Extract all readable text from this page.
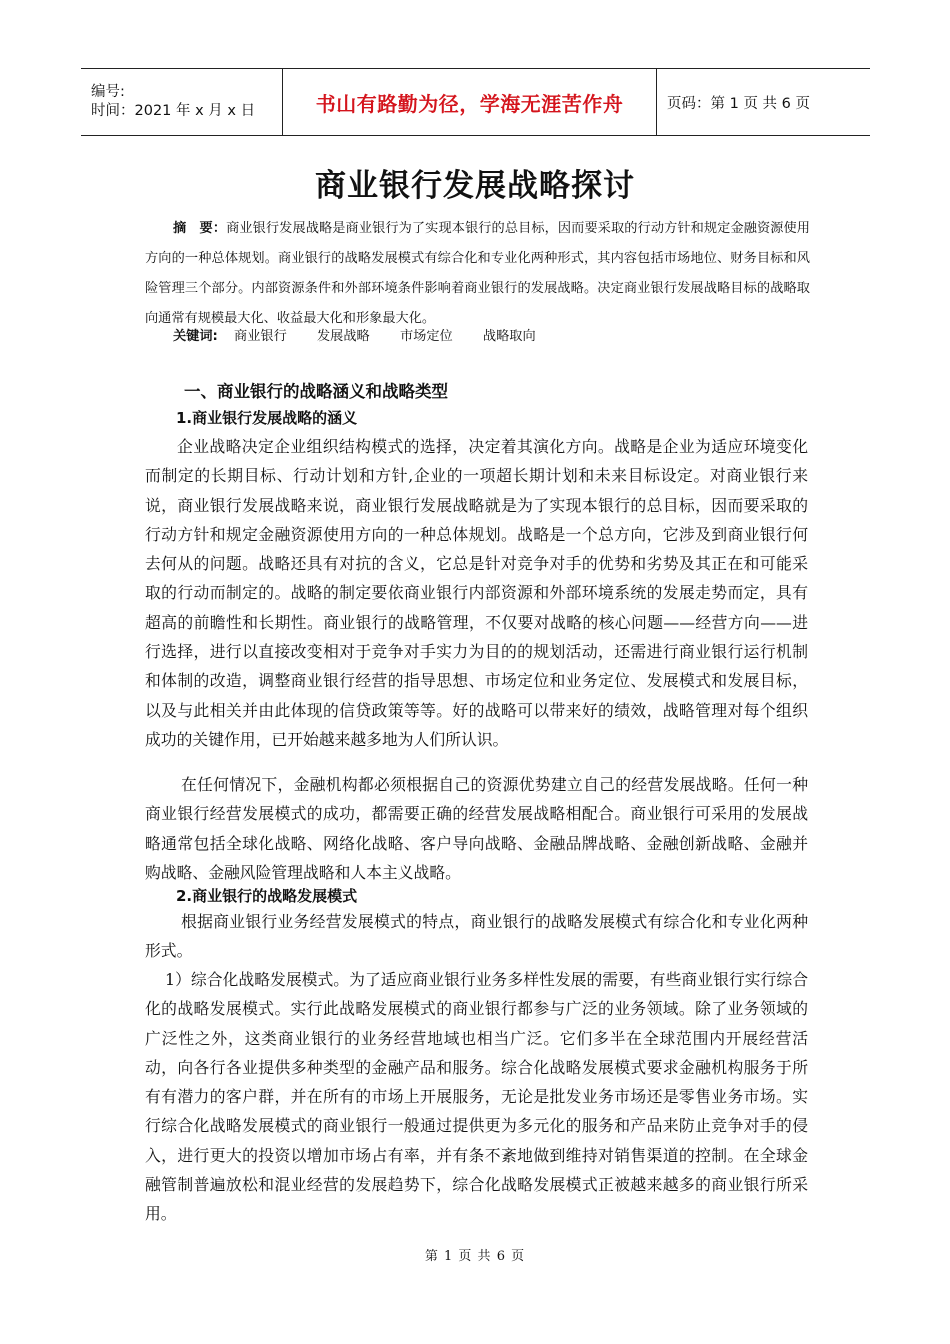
编号:
时间：2021 年 x 月 x 日	书山有路勤为径，学海无涯苦作舟	页码：第 1 页 共 6 页
商业银行发展战略探讨
摘　要：商业银行发展战略是商业银行为了实现本银行的总目标，因而要采取的行动方针和规定金融资源使用方向的一种总体规划。商业银行的战略发展模式有综合化和专业化两种形式，其内容包括市场地位、财务目标和风险管理三个部分。内部资源条件和外部环境条件影响着商业银行的发展战略。决定商业银行发展战略目标的战略取向通常有规模最大化、收益最大化和形象最大化。
关键词: 商业银行 发展战略 市场定位 战略取向
一、商业银行的战略涵义和战略类型
1.商业银行发展战略的涵义
企业战略决定企业组织结构模式的选择，决定着其演化方向。战略是企业为适应环境变化而制定的长期目标、行动计划和方针,企业的一项超长期计划和未来目标设定。对商业银行来说，商业银行发展战略来说，商业银行发展战略就是为了实现本银行的总目标，因而要采取的行动方针和规定金融资源使用方向的一种总体规划。战略是一个总方向，它涉及到商业银行何去何从的问题。战略还具有对抗的含义，它总是针对竞争对手的优势和劣势及其正在和可能采取的行动而制定的。战略的制定要依商业银行内部资源和外部环境系统的发展走势而定，具有超高的前瞻性和长期性。商业银行的战略管理，不仅要对战略的核心问题——经营方向——进行选择，进行以直接改变相对于竞争对手实力为目的的规划活动，还需进行商业银行运行机制和体制的改造，调整商业银行经营的指导思想、市场定位和业务定位、发展模式和发展目标，以及与此相关并由此体现的信贷政策等等。好的战略可以带来好的绩效，战略管理对每个组织成功的关键作用，已开始越来越多地为人们所认识。
在任何情况下，金融机构都必须根据自己的资源优势建立自己的经营发展战略。任何一种商业银行经营发展模式的成功，都需要正确的经营发展战略相配合。商业银行可采用的发展战略通常包括全球化战略、网络化战略、客户导向战略、金融品牌战略、金融创新战略、金融并购战略、金融风险管理战略和人本主义战略。
2.商业银行的战略发展模式
根据商业银行业务经营发展模式的特点，商业银行的战略发展模式有综合化和专业化两种形式。
1）综合化战略发展模式。为了适应商业银行业务多样性发展的需要，有些商业银行实行综合化的战略发展模式。实行此战略发展模式的商业银行都参与广泛的业务领域。除了业务领域的广泛性之外，这类商业银行的业务经营地域也相当广泛。它们多半在全球范围内开展经营活动，向各行各业提供多种类型的金融产品和服务。综合化战略发展模式要求金融机构服务于所有有潜力的客户群，并在所有的市场上开展服务，无论是批发业务市场还是零售业务市场。实行综合化战略发展模式的商业银行一般通过提供更为多元化的服务和产品来防止竞争对手的侵入，进行更大的投资以增加市场占有率，并有条不紊地做到维持对销售渠道的控制。在全球金融管制普遍放松和混业经营的发展趋势下，综合化战略发展模式正被越来越多的商业银行所采用。
第 1 页 共 6 页
